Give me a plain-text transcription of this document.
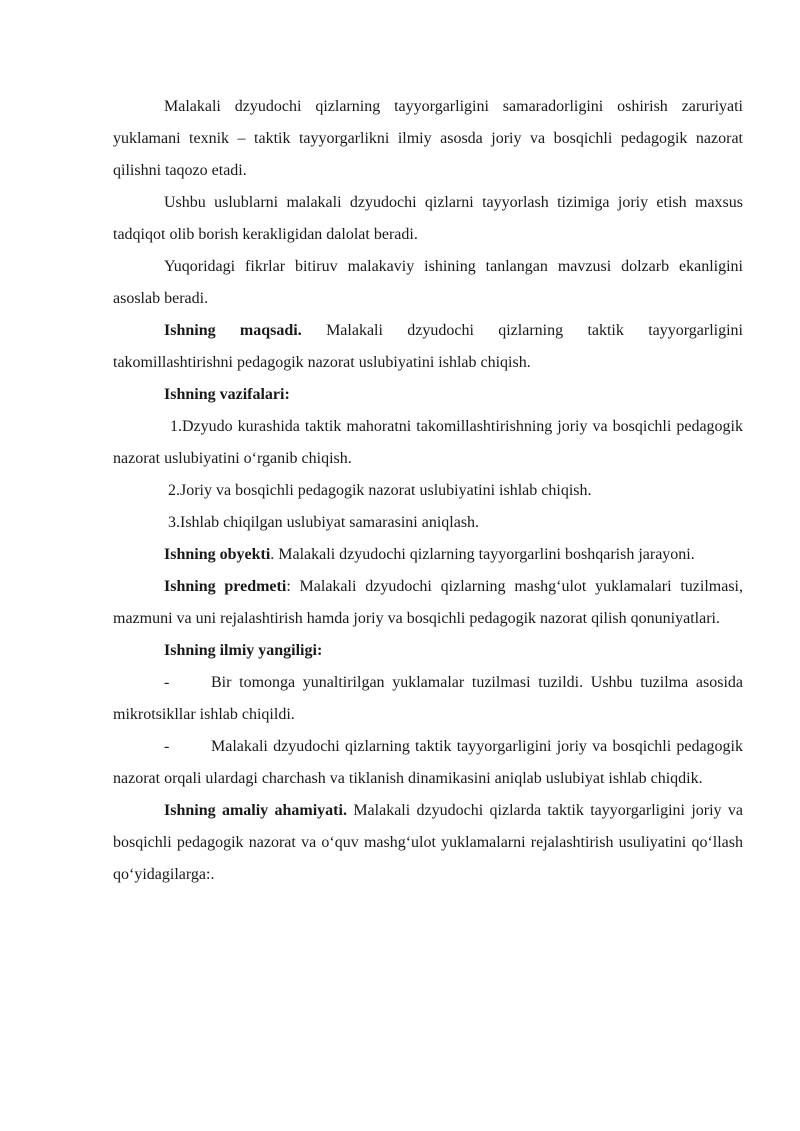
Malakali dzyudochi qizlarning tayyorgarligini samaradorligini oshirish zaruriyati yuklamani texnik – taktik tayyorgarlikni ilmiy asosda joriy va bosqichli pedagogik nazorat qilishni taqozo etadi.

Ushbu uslublarni malakali dzyudochi qizlarni tayyorlash tizimiga joriy etish maxsus tadqiqot olib borish kerakligidan dalolat beradi.

Yuqoridagi fikrlar bitiruv malakaviy ishining tanlangan mavzusi dolzarb ekanligini asoslab beradi.

Ishning maqsadi. Malakali dzyudochi qizlarning taktik tayyorgarligini takomillashtirishni pedagogik nazorat uslubiyatini ishlab chiqish.

Ishning vazifalari:

1.Dzyudo kurashida taktik mahoratni takomillashtirishning joriy va bosqichli pedagogik nazorat uslubiyatini o‘rganib chiqish.

2.Joriy va bosqichli pedagogik nazorat uslubiyatini ishlab chiqish.

3.Ishlab chiqilgan uslubiyat samarasini aniqlash.

Ishning obyekti. Malakali dzyudochi qizlarning tayyorgarlini boshqarish jarayoni.

Ishning predmeti: Malakali dzyudochi qizlarning mashg‘ulot yuklamalari tuzilmasi, mazmuni va uni rejalashtirish hamda joriy va bosqichli pedagogik nazorat qilish qonuniyatlari.

Ishning ilmiy yangiligi:

-	Bir tomonga yunaltirilgan yuklamalar tuzilmasi tuzildi. Ushbu tuzilma asosida mikrotsikllar ishlab chiqildi.

-	Malakali dzyudochi qizlarning taktik tayyorgarligini joriy va bosqichli pedagogik nazorat orqali ulardagi charchash va tiklanish dinamikasini aniqlab uslubiyat ishlab chiqdik.

Ishning amaliy ahamiyati. Malakali dzyudochi qizlarda taktik tayyorgarligini joriy va bosqichli pedagogik nazorat va o‘quv mashg‘ulot yuklamalarni rejalashtirish usuliyatini qo‘llash qo‘yidagilarga:.
